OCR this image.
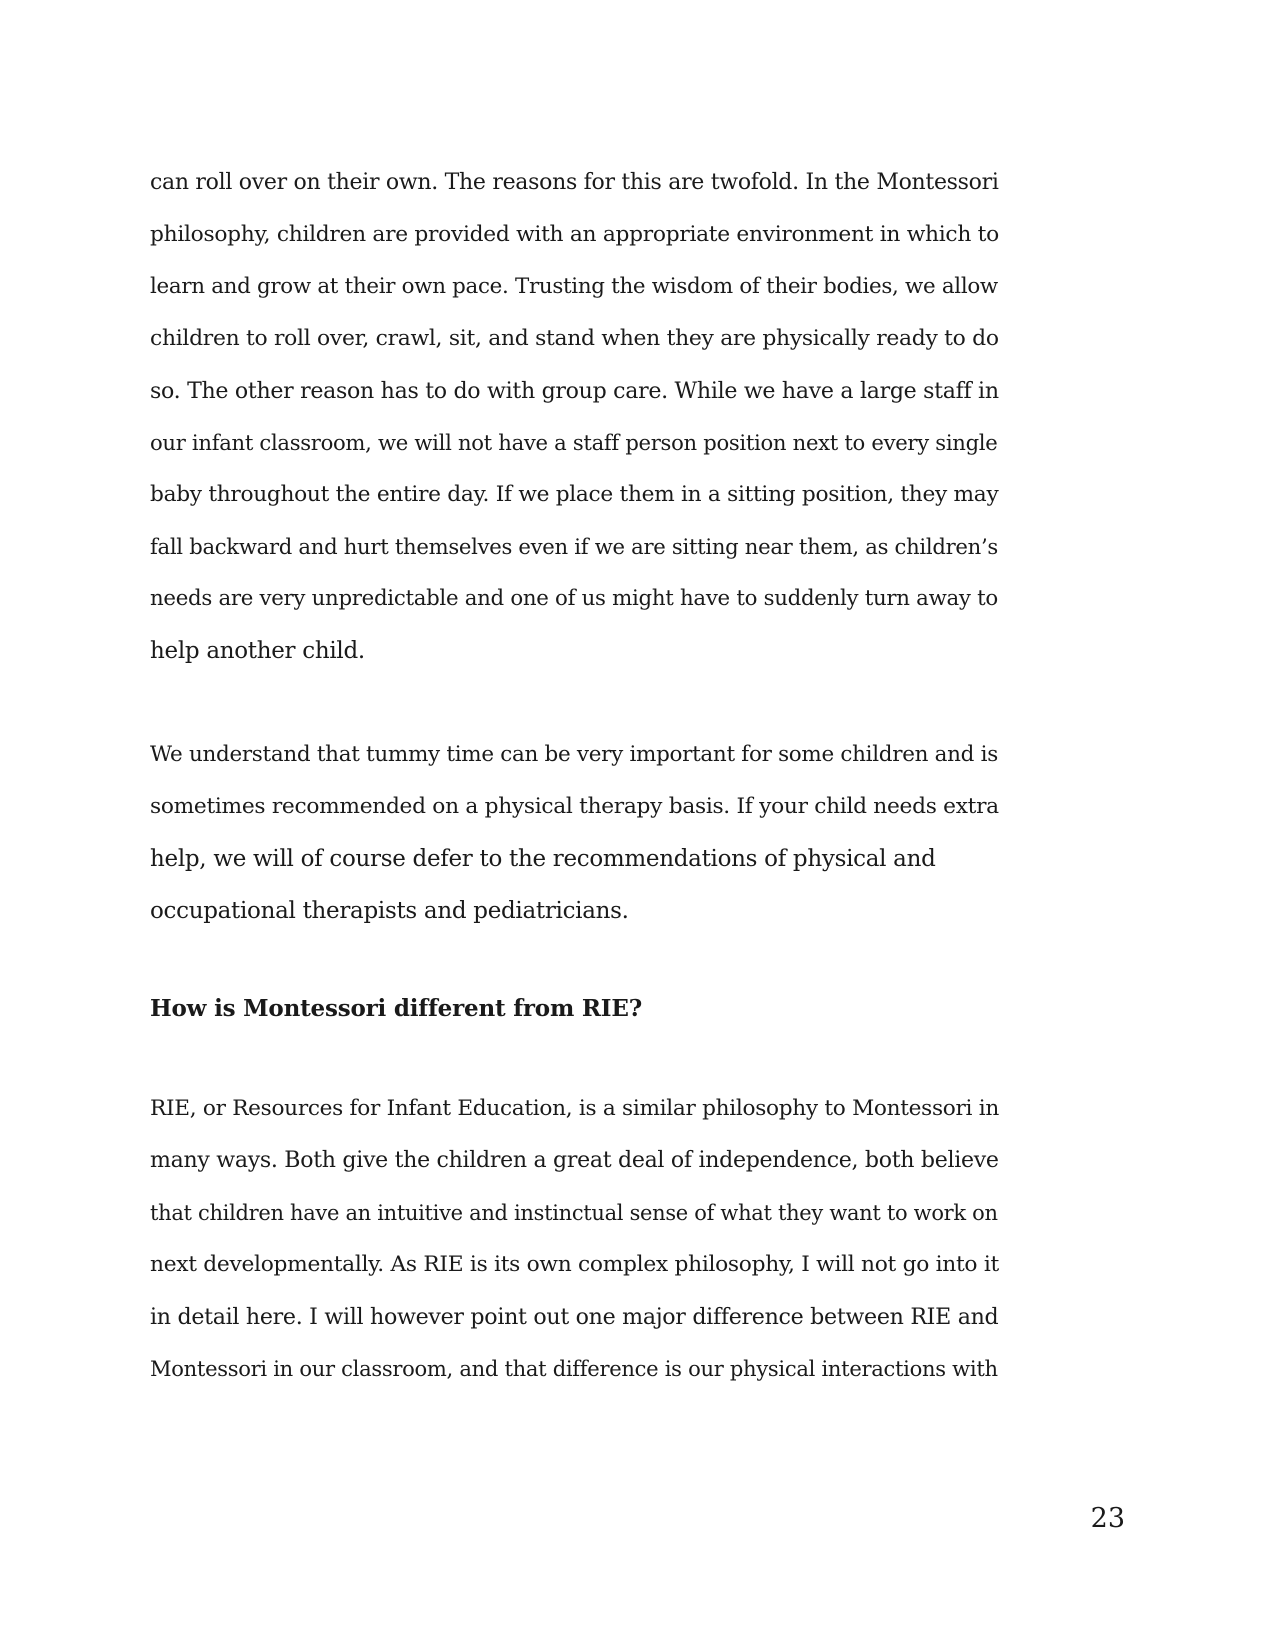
can roll over on their own. The reasons for this are twofold. In the Montessori
philosophy, children are provided with an appropriate environment in which to
learn and grow at their own pace. Trusting the wisdom of their bodies, we allow
children to roll over, crawl, sit, and stand when they are physically ready to do
so. The other reason has to do with group care. While we have a large staff in
our infant classroom, we will not have a staff person position next to every single
baby throughout the entire day. If we place them in a sitting position, they may
fall backward and hurt themselves even if we are sitting near them, as children’s
needs are very unpredictable and one of us might have to suddenly turn away to
help another child.
We understand that tummy time can be very important for some children and is
sometimes recommended on a physical therapy basis. If your child needs extra
help, we will of course defer to the recommendations of physical and
occupational therapists and pediatricians.
How is Montessori different from RIE?
RIE, or Resources for Infant Education, is a similar philosophy to Montessori in
many ways. Both give the children a great deal of independence, both believe
that children have an intuitive and instinctual sense of what they want to work on
next developmentally. As RIE is its own complex philosophy, I will not go into it
in detail here. I will however point out one major difference between RIE and
Montessori in our classroom, and that difference is our physical interactions with
23
